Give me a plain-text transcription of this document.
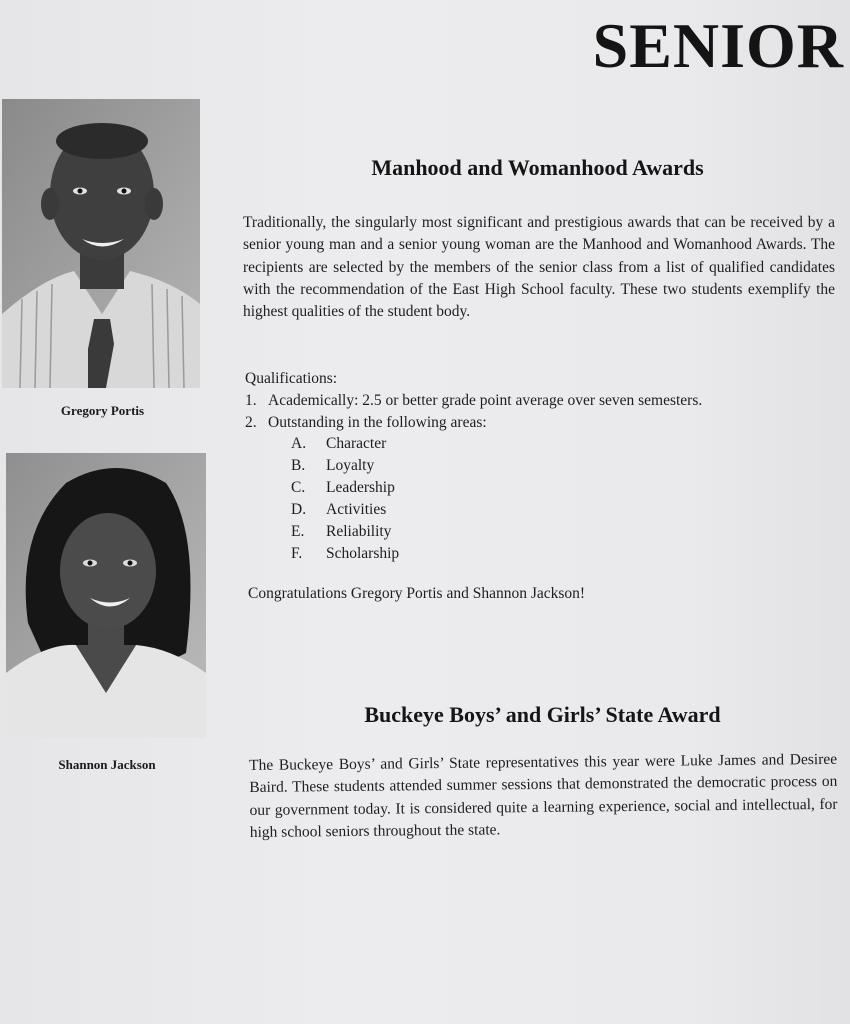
SENIOR
Gregory Portis
Shannon Jackson
Manhood and Womanhood Awards
Traditionally, the singularly most significant and prestigious awards that can be received by a senior young man and a senior young woman are the Manhood and Womanhood Awards. The recipients are selected by the members of the senior class from a list of qualified candidates with the recommendation of the East High School faculty. These two students exemplify the highest qualities of the student body.
Qualifications:
1. Academically: 2.5 or better grade point average over seven semesters.
2. Outstanding in the following areas:
A.	Character
B.	Loyalty
C.	Leadership
D.	Activities
E.	Reliability
F.	Scholarship
Congratulations Gregory Portis and Shannon Jackson!
Buckeye Boys’ and Girls’ State Award
The Buckeye Boys’ and Girls’ State representatives this year were Luke James and Desiree Baird. These students attended summer sessions that demonstrated the democratic process on our government today. It is considered quite a learning experience, social and intellectual, for high school seniors throughout the state.
